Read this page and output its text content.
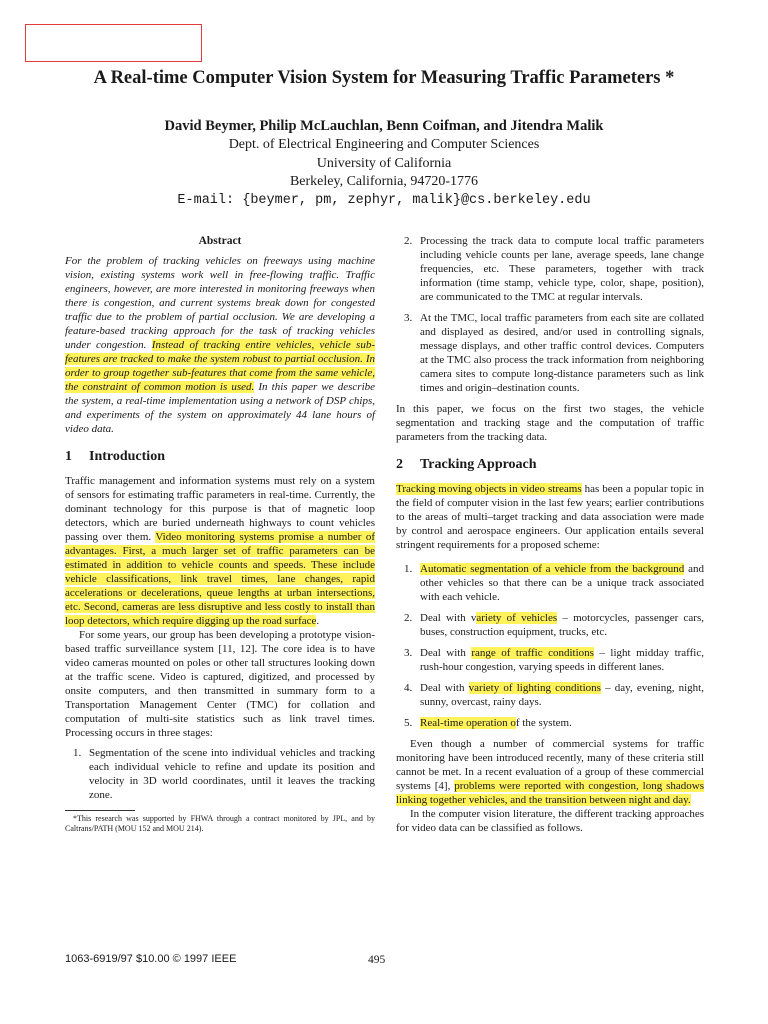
A Real-time Computer Vision System for Measuring Traffic Parameters *
David Beymer, Philip McLauchlan, Benn Coifman, and Jitendra Malik
Dept. of Electrical Engineering and Computer Sciences
University of California
Berkeley, California, 94720-1776
E-mail: {beymer, pm, zephyr, malik}@cs.berkeley.edu
Abstract

For the problem of tracking vehicles on freeways using machine vision, existing systems work well in free-flowing traffic. Traffic engineers, however, are more interested in monitoring freeways when there is congestion, and current systems break down for congested traffic due to the problem of partial occlusion. We are developing a feature-based tracking approach for the task of tracking vehicles under congestion. Instead of tracking entire vehicles, vehicle sub-features are tracked to make the system robust to partial occlusion. In order to group together sub-features that come from the same vehicle, the constraint of common motion is used. In this paper we describe the system, a real-time implementation using a network of DSP chips, and experiments of the system on approximately 44 lane hours of video data.

1 Introduction

Traffic management and information systems must rely on a system of sensors for estimating traffic parameters in real-time. Currently, the dominant technology for this purpose is that of magnetic loop detectors, which are buried underneath highways to count vehicles passing over them. Video monitoring systems promise a number of advantages. First, a much larger set of traffic parameters can be estimated in addition to vehicle counts and speeds. These include vehicle classifications, link travel times, lane changes, rapid accelerations or decelerations, queue lengths at urban intersections, etc. Second, cameras are less disruptive and less costly to install than loop detectors, which require digging up the road surface.

For some years, our group has been developing a prototype vision-based traffic surveillance system [11, 12]. The core idea is to have video cameras mounted on poles or other tall structures looking down at the traffic scene. Video is captured, digitized, and processed by onsite computers, and then transmitted in summary form to a Transportation Management Center (TMC) for collation and computation of multi-site statistics such as link travel times. Processing occurs in three stages:

1. Segmentation of the scene into individual vehicles and tracking each individual vehicle to refine and update its position and velocity in 3D world coordinates, until it leaves the tracking zone.

*This research was supported by FHWA through a contract monitored by JPL, and by Caltrans/PATH (MOU 152 and MOU 214).

2. Processing the track data to compute local traffic parameters including vehicle counts per lane, average speeds, lane change frequencies, etc. These parameters, together with track information (time stamp, vehicle type, color, shape, position), are communicated to the TMC at regular intervals.
3. At the TMC, local traffic parameters from each site are collated and displayed as desired, and/or used in controlling signals, message displays, and other traffic control devices. Computers at the TMC also process the track information from neighboring camera sites to compute long-distance parameters such as link times and origin–destination counts.

In this paper, we focus on the first two stages, the vehicle segmentation and tracking stage and the computation of traffic parameters from the tracking data.

2 Tracking Approach

Tracking moving objects in video streams has been a popular topic in the field of computer vision in the last few years; earlier contributions to the areas of multi–target tracking and data association were made by control and aerospace engineers. Our application entails several stringent requirements for a proposed scheme:

1. Automatic segmentation of a vehicle from the background and other vehicles so that there can be a unique track associated with each vehicle.
2. Deal with variety of vehicles – motorcycles, passenger cars, buses, construction equipment, trucks, etc.
3. Deal with range of traffic conditions – light midday traffic, rush-hour congestion, varying speeds in different lanes.
4. Deal with variety of lighting conditions – day, evening, night, sunny, overcast, rainy days.
5. Real-time operation of the system.

Even though a number of commercial systems for traffic monitoring have been introduced recently, many of these criteria still cannot be met. In a recent evaluation of a group of these commercial systems [4], problems were reported with congestion, long shadows linking together vehicles, and the transition between night and day.

In the computer vision literature, the different tracking approaches for video data can be classified as follows.

1063-6919/97 $10.00 © 1997 IEEE	495
